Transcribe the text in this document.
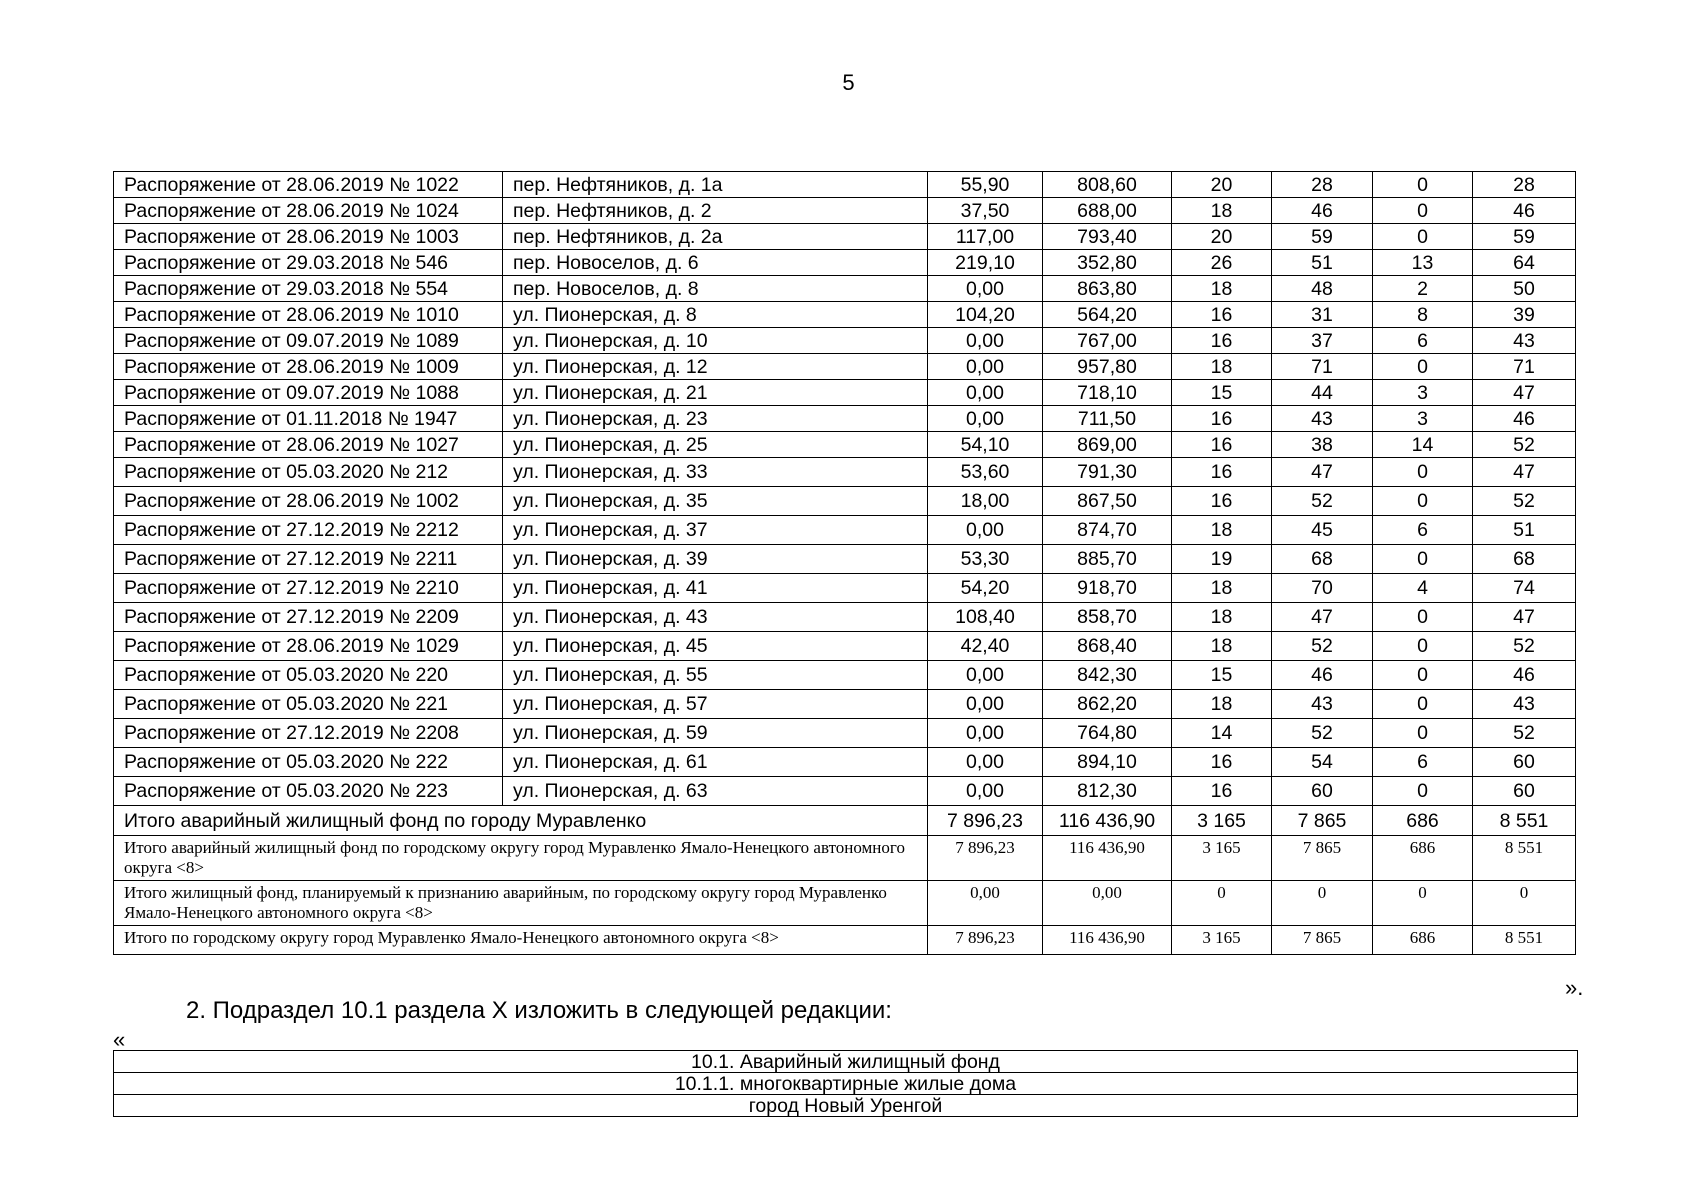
5
Распоряжение от 28.06.2019 № 1022	пер. Нефтяников, д. 1а	55,90	808,60	20	28	0	28
Распоряжение от 28.06.2019 № 1024	пер. Нефтяников, д. 2	37,50	688,00	18	46	0	46
Распоряжение от 28.06.2019 № 1003	пер. Нефтяников, д. 2а	117,00	793,40	20	59	0	59
Распоряжение от 29.03.2018 № 546	пер. Новоселов, д. 6	219,10	352,80	26	51	13	64
Распоряжение от 29.03.2018 № 554	пер. Новоселов, д. 8	0,00	863,80	18	48	2	50
Распоряжение от 28.06.2019 № 1010	ул. Пионерская, д. 8	104,20	564,20	16	31	8	39
Распоряжение от 09.07.2019 № 1089	ул. Пионерская, д. 10	0,00	767,00	16	37	6	43
Распоряжение от 28.06.2019 № 1009	ул. Пионерская, д. 12	0,00	957,80	18	71	0	71
Распоряжение от 09.07.2019 № 1088	ул. Пионерская, д. 21	0,00	718,10	15	44	3	47
Распоряжение от 01.11.2018 № 1947	ул. Пионерская, д. 23	0,00	711,50	16	43	3	46
Распоряжение от 28.06.2019 № 1027	ул. Пионерская, д. 25	54,10	869,00	16	38	14	52
Распоряжение от 05.03.2020 № 212	ул. Пионерская, д. 33	53,60	791,30	16	47	0	47
Распоряжение от 28.06.2019 № 1002	ул. Пионерская, д. 35	18,00	867,50	16	52	0	52
Распоряжение от 27.12.2019 № 2212	ул. Пионерская, д. 37	0,00	874,70	18	45	6	51
Распоряжение от 27.12.2019 № 2211	ул. Пионерская, д. 39	53,30	885,70	19	68	0	68
Распоряжение от 27.12.2019 № 2210	ул. Пионерская, д. 41	54,20	918,70	18	70	4	74
Распоряжение от 27.12.2019 № 2209	ул. Пионерская, д. 43	108,40	858,70	18	47	0	47
Распоряжение от 28.06.2019 № 1029	ул. Пионерская, д. 45	42,40	868,40	18	52	0	52
Распоряжение от 05.03.2020 № 220	ул. Пионерская, д. 55	0,00	842,30	15	46	0	46
Распоряжение от 05.03.2020 № 221	ул. Пионерская, д. 57	0,00	862,20	18	43	0	43
Распоряжение от 27.12.2019 № 2208	ул. Пионерская, д. 59	0,00	764,80	14	52	0	52
Распоряжение от 05.03.2020 № 222	ул. Пионерская, д. 61	0,00	894,10	16	54	6	60
Распоряжение от 05.03.2020 № 223	ул. Пионерская, д. 63	0,00	812,30	16	60	0	60
Итого аварийный жилищный фонд по городу Муравленко		7 896,23	116 436,90	3 165	7 865	686	8 551
Итого аварийный жилищный фонд по городскому округу город Муравленко Ямало-Ненецкого автономного округа <8>		7 896,23	116 436,90	3 165	7 865	686	8 551
Итого жилищный фонд, планируемый к признанию аварийным, по городскому округу город Муравленко Ямало-Ненецкого автономного округа <8>		0,00	0,00	0	0	0	0
Итого по городскому округу город Муравленко Ямало-Ненецкого автономного округа <8>		7 896,23	116 436,90	3 165	7 865	686	8 551
».
2. Подраздел 10.1 раздела X изложить в следующей редакции:
«
10.1. Аварийный жилищный фонд
10.1.1. многоквартирные жилые дома
город Новый Уренгой
